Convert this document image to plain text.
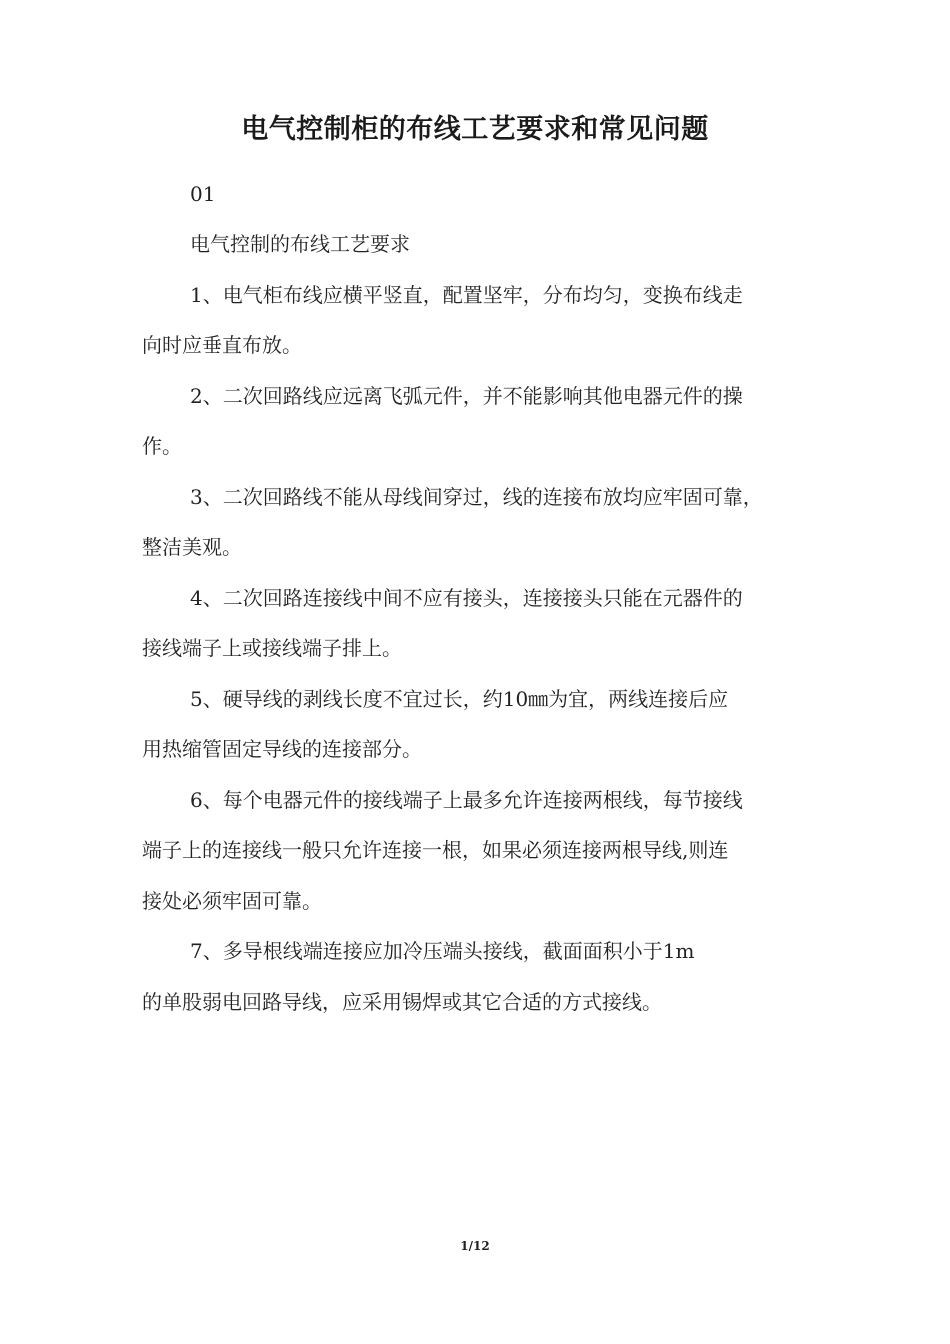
电气控制柜的布线工艺要求和常见问题
01
电气控制的布线工艺要求
1、电气柜布线应横平竖直，配置坚牢，分布均匀，变换布线走
向时应垂直布放。
2、二次回路线应远离飞弧元件，并不能影响其他电器元件的操
作。
3、二次回路线不能从母线间穿过，线的连接布放均应牢固可靠，
整洁美观。
4、二次回路连接线中间不应有接头，连接接头只能在元器件的
接线端子上或接线端子排上。
5、硬导线的剥线长度不宜过长，约10㎜为宜，两线连接后应
用热缩管固定导线的连接部分。
6、每个电器元件的接线端子上最多允许连接两根线，每节接线
端子上的连接线一般只允许连接一根，如果必须连接两根导线,则连
接处必须牢固可靠。
7、多导根线端连接应加冷压端头接线，截面面积小于1m
的单股弱电回路导线，应采用锡焊或其它合适的方式接线。
1/12
